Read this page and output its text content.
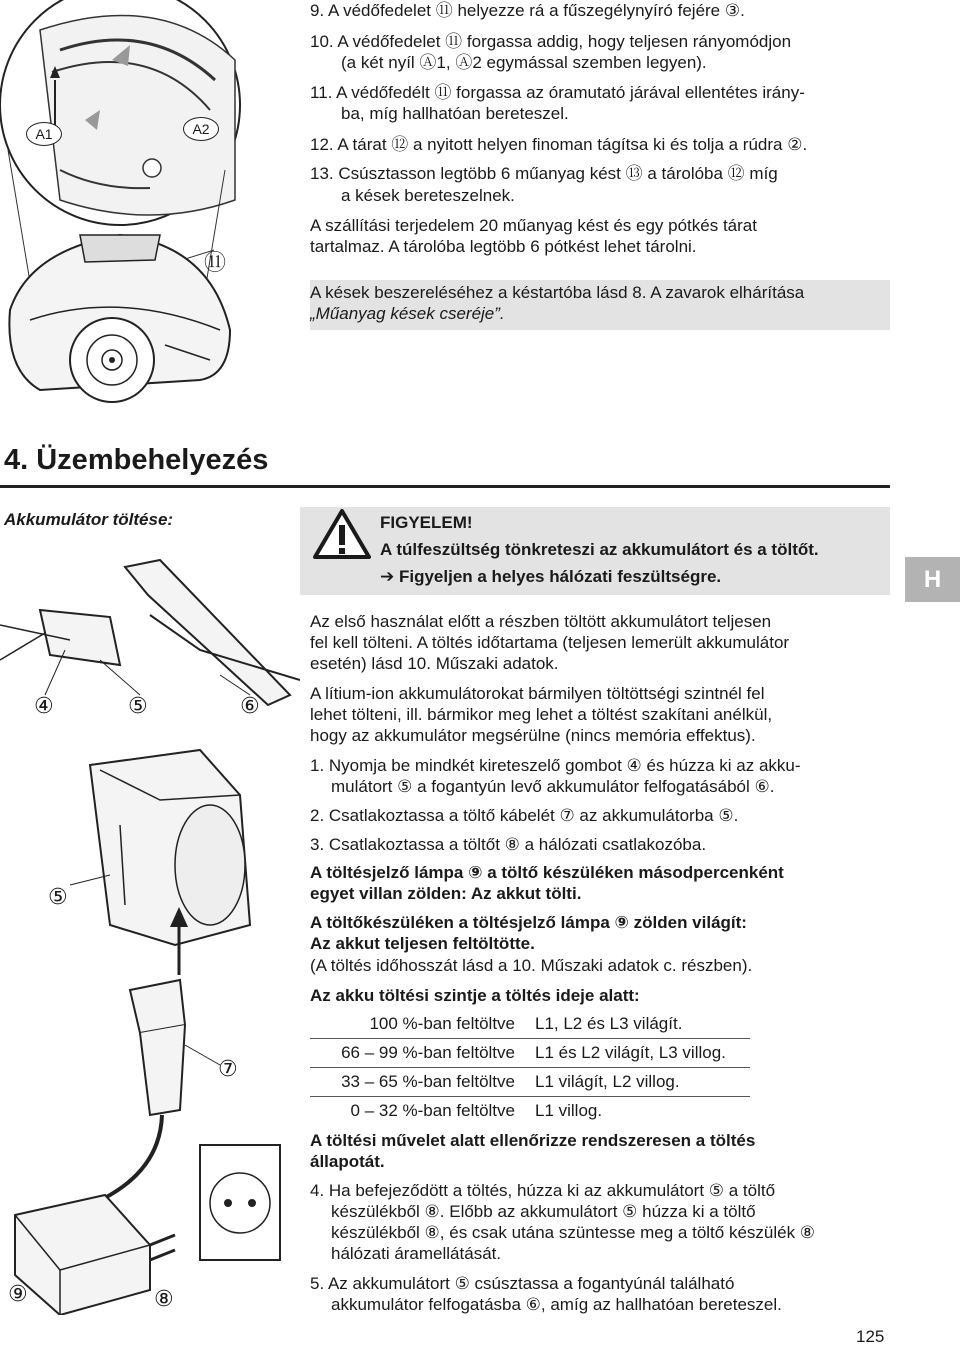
A1	A2
⑪
9. A védőfedelet ⑪ helyezze rá a fűszegélynyíró fejére ③.
10. A védőfedelet ⑪ forgassa addig, hogy teljesen rányomódjon
(a két nyíl Ⓐ1, Ⓐ2 egymással szemben legyen).
11. A védőfedélt ⑪ forgassa az óramutató járával ellentétes irány-
ba, míg hallhatóan bereteszel.
12. A tárat ⑫ a nyitott helyen finoman tágítsa ki és tolja a rúdra ②.
13. Csúsztasson legtöbb 6 műanyag kést ⑬ a tárolóba ⑫ míg
a kések bereteszelnek.
A szállítási terjedelem 20 műanyag kést és egy pótkés tárat
tartalmaz. A tárolóba legtöbb 6 pótkést lehet tárolni.
A kések beszereléséhez a késtartóba lásd 8. A zavarok elhárítása
„Műanyag kések cseréje”.
4. Üzembehelyezés
Akkumulátor töltése:	FIGYELEM!
A túlfeszültség tönkreteszi az akkumulátort és a töltőt.
➔ Figyeljen a helyes hálózati feszültségre.	H
④	⑤	⑥
⑤
⑦
⑨	⑧
Az első használat előtt a részben töltött akkumulátort teljesen
fel kell tölteni. A töltés időtartama (teljesen lemerült akkumulátor
esetén) lásd 10. Műszaki adatok.
A lítium-ion akkumulátorokat bármilyen töltöttségi szintnél fel
lehet tölteni, ill. bármikor meg lehet a töltést szakítani anélkül,
hogy az akkumulátor megsérülne (nincs memória effektus).
1. Nyomja be mindkét kireteszelő gombot ④ és húzza ki az akku-
mulátort ⑤ a fogantyún levő akkumulátor felfogatásából ⑥.
2. Csatlakoztassa a töltő kábelét ⑦ az akkumulátorba ⑤.
3. Csatlakoztassa a töltőt ⑧ a hálózati csatlakozóba.
A töltésjelző lámpa ⑨ a töltő készüléken másodpercenként
egyet villan zölden: Az akkut tölti.
A töltőkészüléken a töltésjelző lámpa ⑨ zölden világít:
Az akkut teljesen feltöltötte.
(A töltés időhosszát lásd a 10. Műszaki adatok c. részben).
Az akku töltési szintje a töltés ideje alatt:
100 %-ban feltöltve L1, L2 és L3 világít.
66 – 99 %-ban feltöltve L1 és L2 világít, L3 villog.
33 – 65 %-ban feltöltve L1 világít, L2 villog.
0 – 32 %-ban feltöltve L1 villog.
A töltési művelet alatt ellenőrizze rendszeresen a töltés
állapotát.
4. Ha befejeződött a töltés, húzza ki az akkumulátort ⑤ a töltő
készülékből ⑧. Előbb az akkumulátort ⑤ húzza ki a töltő
készülékből ⑧, és csak utána szüntesse meg a töltő készülék ⑧
hálózati áramellátását.
5. Az akkumulátort ⑤ csúsztassa a fogantyúnál található
akkumulátor felfogatásba ⑥, amíg az hallhatóan bereteszel.
125
